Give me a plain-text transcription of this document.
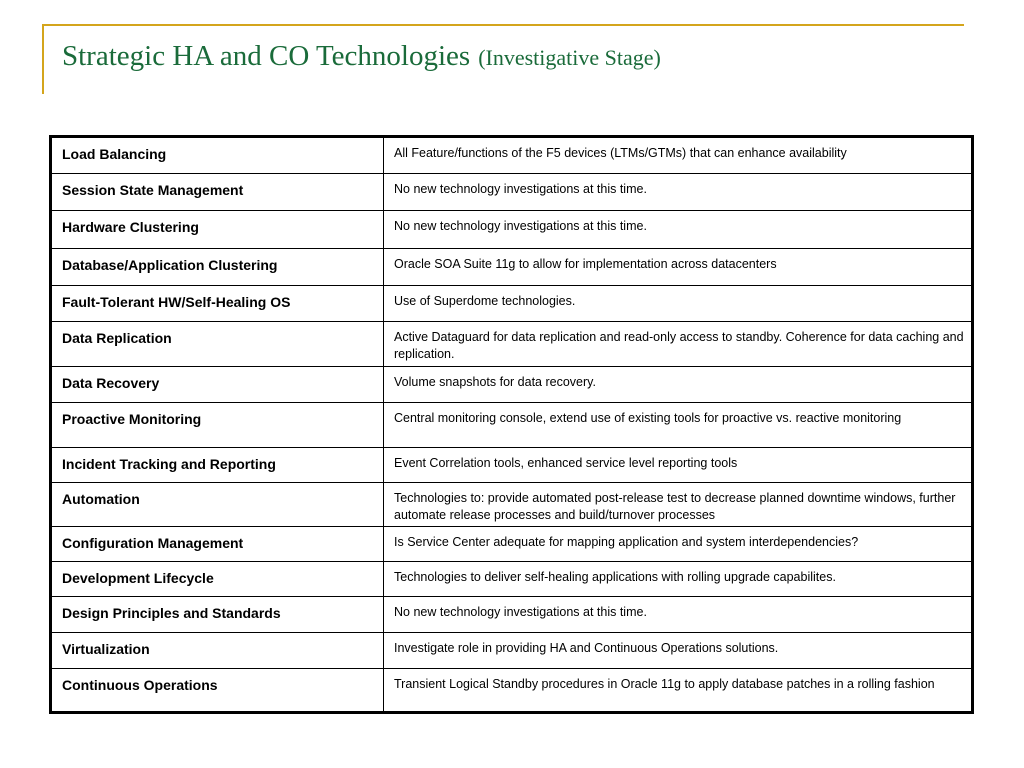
Strategic HA and CO Technologies (Investigative Stage)
Load Balancing	All Feature/functions of the F5 devices (LTMs/GTMs) that can enhance availability
Session State Management	No new technology investigations at this time.
Hardware Clustering	No new technology investigations at this time.
Database/Application Clustering	Oracle SOA Suite 11g to allow for implementation across datacenters
Fault-Tolerant HW/Self-Healing OS	Use of Superdome technologies.
Data Replication	Active Dataguard for data replication and read-only access to standby. Coherence for data caching and replication.
Data Recovery	Volume snapshots for data recovery.
Proactive Monitoring	Central monitoring console, extend use of existing tools for proactive vs. reactive monitoring
Incident Tracking and Reporting	Event Correlation tools, enhanced service level reporting tools
Automation	Technologies to: provide automated post-release test to decrease planned downtime windows, further automate release processes and build/turnover processes
Configuration Management	Is Service Center adequate for mapping application and system interdependencies?
Development Lifecycle	Technologies to deliver self-healing applications with rolling upgrade capabilites.
Design Principles and Standards	No new technology investigations at this time.
Virtualization	Investigate role in providing HA and Continuous Operations solutions.
Continuous Operations	Transient Logical Standby procedures in Oracle 11g to apply database patches in a rolling fashion
